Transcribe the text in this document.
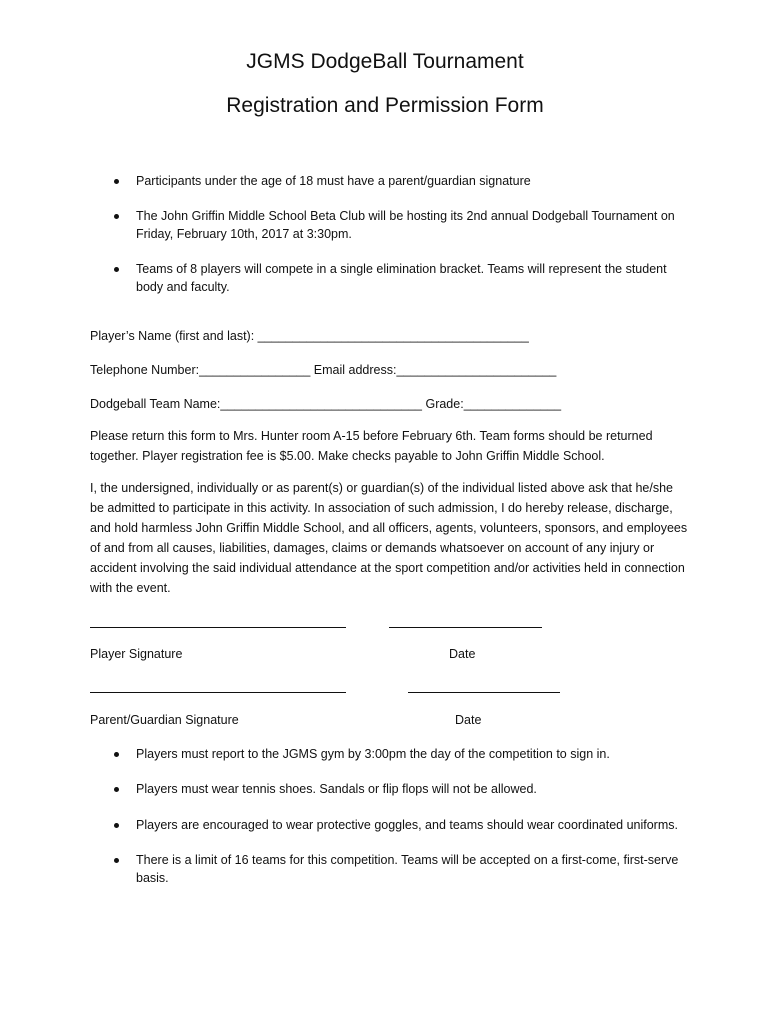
JGMS DodgeBall Tournament
Registration and Permission Form
Participants under the age of 18 must have a parent/guardian signature
The John Griffin Middle School Beta Club will be hosting its 2nd annual Dodgeball Tournament on Friday, February 10th, 2017 at 3:30pm.
Teams of 8 players will compete in a single elimination bracket. Teams will represent the student body and faculty.
Player’s Name (first and last): _______________________________________
Telephone Number:________________ Email address:_______________________
Dodgeball Team Name:_____________________________ Grade:______________
Please return this form to Mrs. Hunter room A-15 before February 6th. Team forms should be returned together. Player registration fee is $5.00. Make checks payable to John Griffin Middle School.
I, the undersigned, individually or as parent(s) or guardian(s) of the individual listed above ask that he/she be admitted to participate in this activity. In association of such admission, I do hereby release, discharge, and hold harmless John Griffin Middle School, and all officers, agents, volunteers, sponsors, and employees of and from all causes, liabilities, damages, claims or demands whatsoever on account of any injury or accident involving the said individual attendance at the sport competition and/or activities held in connection with the event.
Player Signature	Date
Parent/Guardian Signature	Date
Players must report to the JGMS gym by 3:00pm the day of the competition to sign in.
Players must wear tennis shoes. Sandals or flip flops will not be allowed.
Players are encouraged to wear protective goggles, and teams should wear coordinated uniforms.
There is a limit of 16 teams for this competition. Teams will be accepted on a first-come, first-serve basis.
